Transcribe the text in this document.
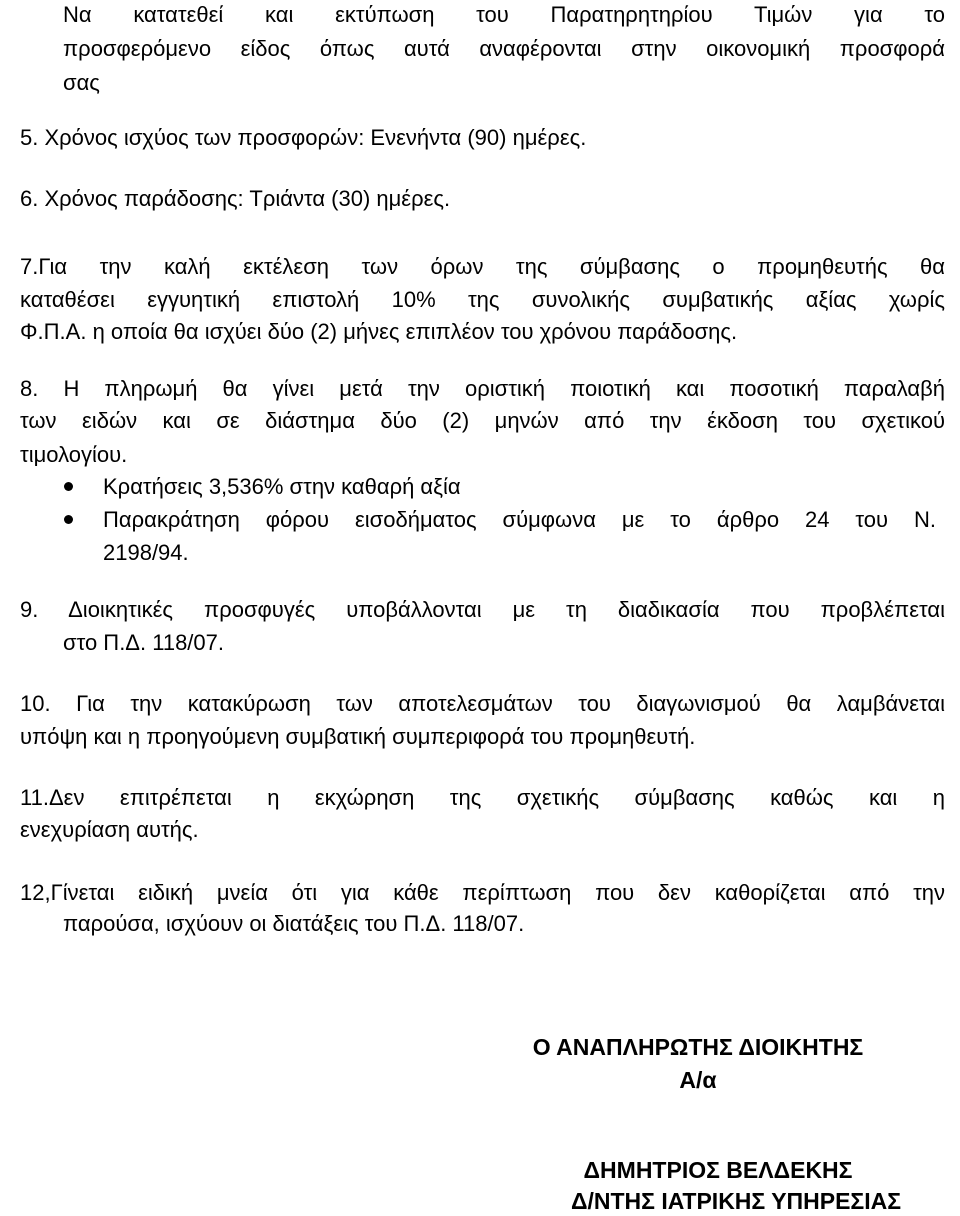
Να κατατεθεί και εκτύπωση του Παρατηρητηρίου Τιμών για το
προσφερόμενο είδος όπως αυτά αναφέρονται στην οικονομική προσφορά
σας
5. Χρόνος ισχύος των προσφορών: Ενενήντα (90) ημέρες.
6. Χρόνος παράδοσης: Τριάντα (30) ημέρες.
7.Για την καλή εκτέλεση των όρων της σύμβασης ο προμηθευτής θα
καταθέσει εγγυητική επιστολή 10% της συνολικής συμβατικής αξίας χωρίς
Φ.Π.Α. η οποία θα ισχύει δύο (2) μήνες επιπλέον του χρόνου παράδοσης.
8. Η πληρωμή θα γίνει μετά την οριστική ποιοτική και ποσοτική παραλαβή
των ειδών και σε διάστημα δύο (2) μηνών από την έκδοση του σχετικού
τιμολογίου.
Κρατήσεις 3,536% στην καθαρή αξία
Παρακράτηση φόρου εισοδήματος σύμφωνα με το άρθρο 24 του Ν.
2198/94.
9. Διοικητικές προσφυγές υποβάλλονται με τη διαδικασία που προβλέπεται
στο Π.Δ. 118/07.
10. Για την κατακύρωση των αποτελεσμάτων του διαγωνισμού θα λαμβάνεται
υπόψη και η προηγούμενη συμβατική συμπεριφορά του προμηθευτή.
11.Δεν επιτρέπεται η εκχώρηση της σχετικής σύμβασης καθώς και η
ενεχυρίαση αυτής.
12,Γίνεται ειδική μνεία ότι για κάθε περίπτωση που δεν καθορίζεται από την
παρούσα, ισχύουν οι διατάξεις του Π.Δ. 118/07.
Ο ΑΝΑΠΛΗΡΩΤΗΣ ΔΙΟΙΚΗΤΗΣ
Α/α
ΔΗΜΗΤΡΙΟΣ ΒΕΛΔΕΚΗΣ
Δ/ΝΤΗΣ ΙΑΤΡΙΚΗΣ ΥΠΗΡΕΣΙΑΣ
